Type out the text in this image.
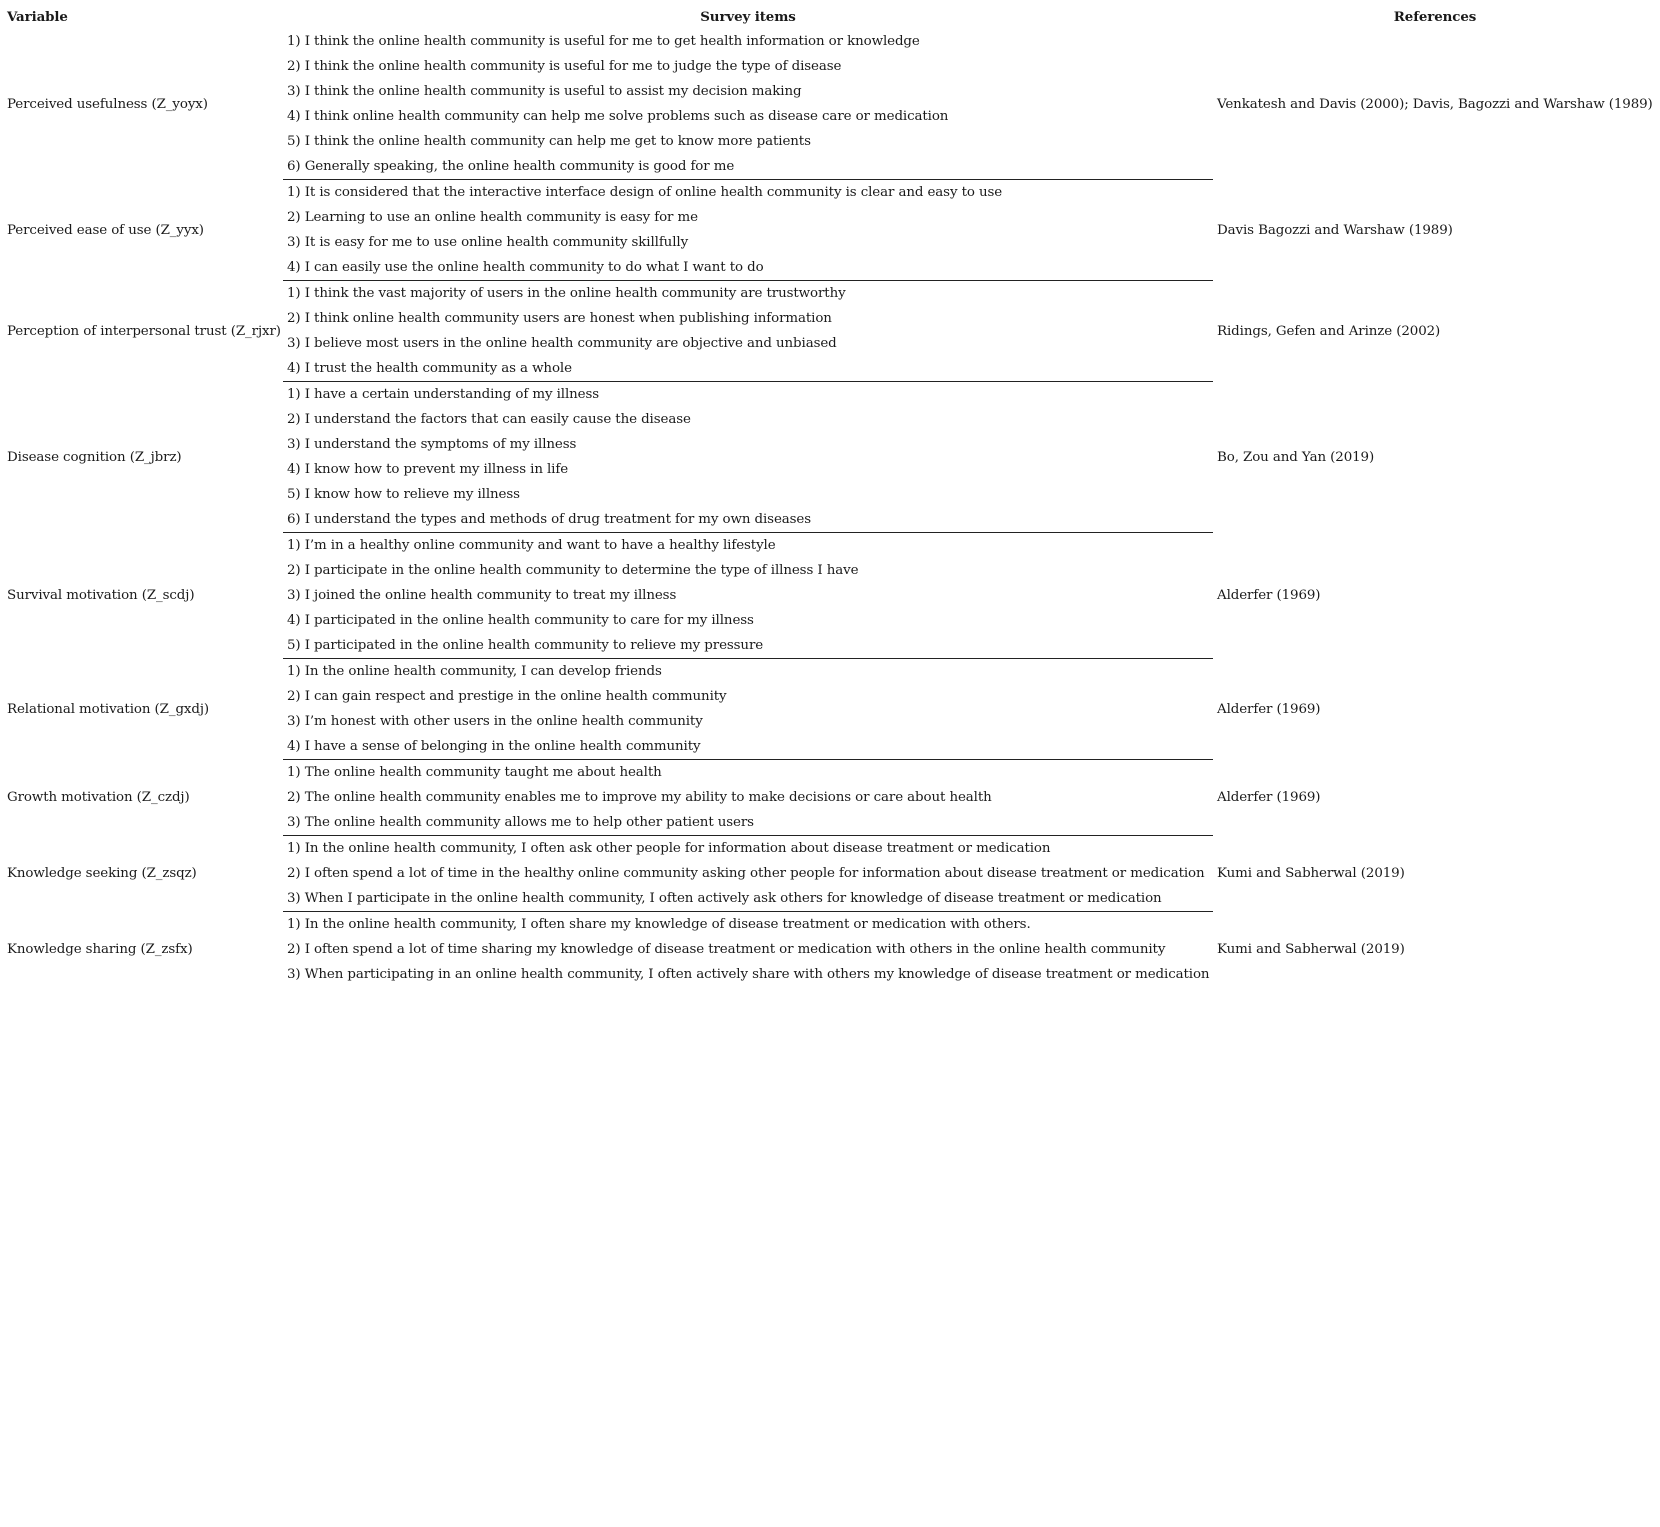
Variable	Survey items	References
Perceived usefulness (Z_yoyx)	1) I think the online health community is useful for me to get health information or knowledge	Venkatesh and Davis (2000); Davis, Bagozzi and Warshaw (1989)
	2) I think the online health community is useful for me to judge the type of disease	
	3) I think the online health community is useful to assist my decision making	
	4) I think online health community can help me solve problems such as disease care or medication	
	5) I think the online health community can help me get to know more patients	
	6) Generally speaking, the online health community is good for me	
Perceived ease of use (Z_yyx)	1) It is considered that the interactive interface design of online health community is clear and easy to use	Davis Bagozzi and Warshaw (1989)
	2) Learning to use an online health community is easy for me	
	3) It is easy for me to use online health community skillfully	
	4) I can easily use the online health community to do what I want to do	
Perception of interpersonal trust (Z_rjxr)	1) I think the vast majority of users in the online health community are trustworthy	Ridings, Gefen and Arinze (2002)
	2) I think online health community users are honest when publishing information	
	3) I believe most users in the online health community are objective and unbiased	
	4) I trust the health community as a whole	
Disease cognition (Z_jbrz)	1) I have a certain understanding of my illness	Bo, Zou and Yan (2019)
	2) I understand the factors that can easily cause the disease	
	3) I understand the symptoms of my illness	
	4) I know how to prevent my illness in life	
	5) I know how to relieve my illness	
	6) I understand the types and methods of drug treatment for my own diseases	
Survival motivation (Z_scdj)	1) I’m in a healthy online community and want to have a healthy lifestyle	Alderfer (1969)
	2) I participate in the online health community to determine the type of illness I have	
	3) I joined the online health community to treat my illness	
	4) I participated in the online health community to care for my illness	
	5) I participated in the online health community to relieve my pressure	
Relational motivation (Z_gxdj)	1) In the online health community, I can develop friends	Alderfer (1969)
	2) I can gain respect and prestige in the online health community	
	3) I’m honest with other users in the online health community	
	4) I have a sense of belonging in the online health community	
Growth motivation (Z_czdj)	1) The online health community taught me about health	Alderfer (1969)
	2) The online health community enables me to improve my ability to make decisions or care about health	
	3) The online health community allows me to help other patient users	
Knowledge seeking (Z_zsqz)	1) In the online health community, I often ask other people for information about disease treatment or medication	Kumi and Sabherwal (2019)
	2) I often spend a lot of time in the healthy online community asking other people for information about disease treatment or medication	
	3) When I participate in the online health community, I often actively ask others for knowledge of disease treatment or medication	
Knowledge sharing (Z_zsfx)	1) In the online health community, I often share my knowledge of disease treatment or medication with others.	Kumi and Sabherwal (2019)
	2) I often spend a lot of time sharing my knowledge of disease treatment or medication with others in the online health community	
	3) When participating in an online health community, I often actively share with others my knowledge of disease treatment or medication	
